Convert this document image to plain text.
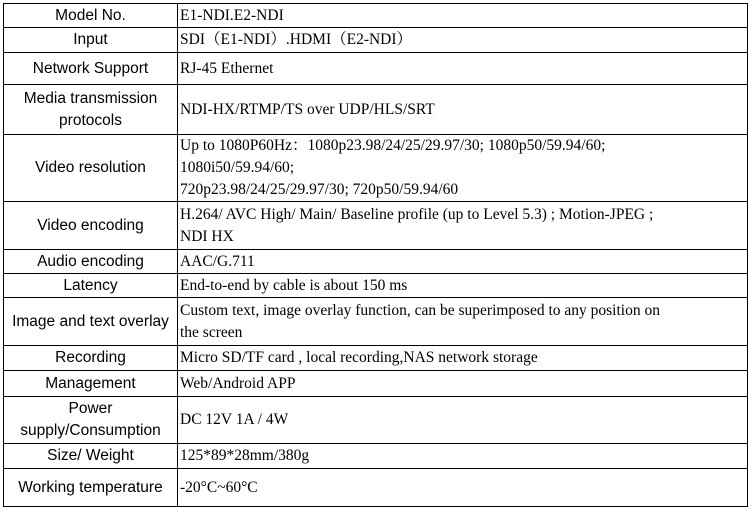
Model No.	E1-NDI.E2-NDI
Input	SDI（E1-NDI）.HDMI（E2-NDI）
Network Support	RJ-45 Ethernet

Media transmission
protocols	NDI-HX/RTMP/TS over UDP/HLS/SRT
Video resolution	Up to 1080P60Hz：1080p23.98/24/25/29.97/30; 1080p50/59.94/60;
1080i50/59.94/60;
720p23.98/24/25/29.97/30; 720p50/59.94/60

Video encoding	H.264/ AVC High/ Main/ Baseline profile (up to Level 5.3) ; Motion-JPEG ;
NDI HX

Audio encoding	AAC/G.711
Latency	End-to-end by cable is about 150 ms
Image and text overlay	Custom text, image overlay function, can be superimposed to any position on
the screen

Recording	Micro SD/TF card , local recording,NAS network storage
Management	Web/Android APP

Power
supply/Consumption	DC 12V 1A / 4W
Size/ Weight	125*89*28mm/380g
Working temperature	-20°C~60°C
